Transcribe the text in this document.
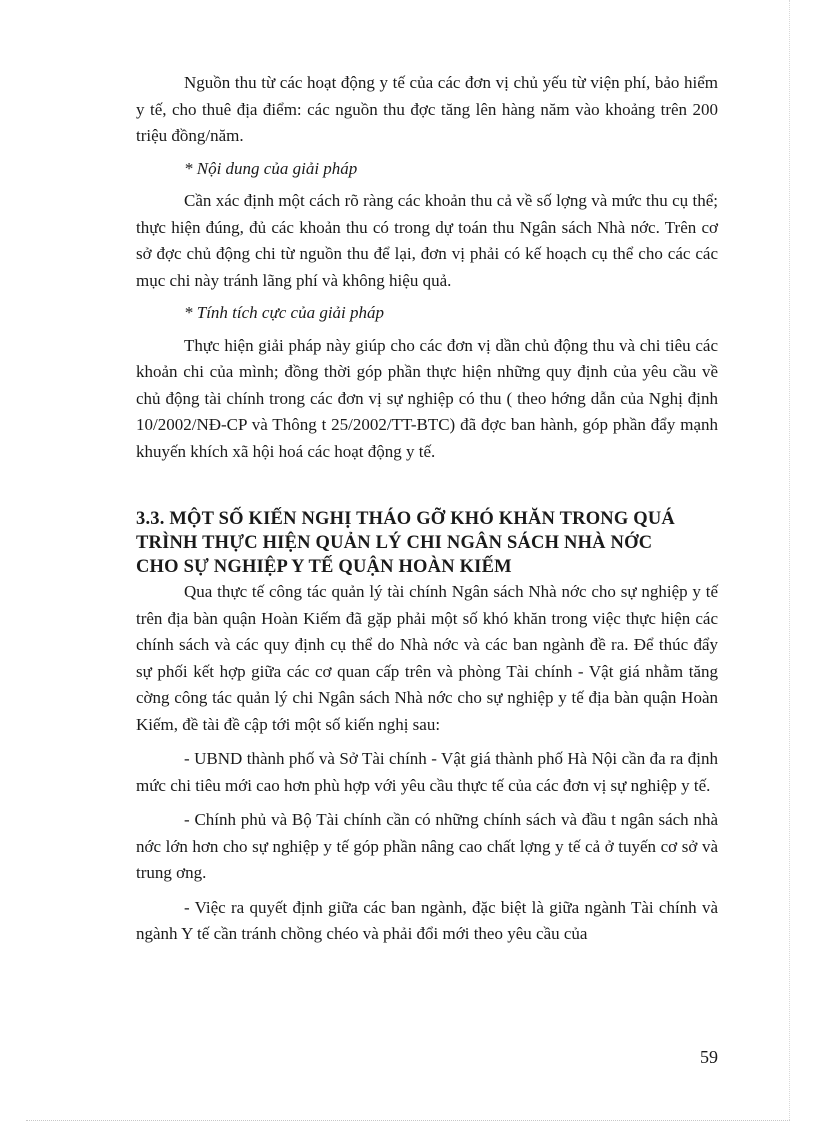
Nguồn thu từ các hoạt động y tế của các đơn vị chủ yếu từ viện phí, bảo hiểm y tế, cho thuê địa điểm: các nguồn thu đợc tăng lên hàng năm vào khoảng trên 200 triệu đồng/năm.

* Nội dung của giải pháp

Cần xác định một cách rõ ràng các khoản thu cả về số lợng và mức thu cụ thể; thực hiện đúng, đủ các khoản thu có trong dự toán thu Ngân sách Nhà nớc. Trên cơ sở đợc chủ động chi từ nguồn thu để lại, đơn vị phải có kế hoạch cụ thể cho các các mục chi này tránh lãng phí và không hiệu quả.

* Tính tích cực của giải pháp

Thực hiện giải pháp này giúp cho các đơn vị dần chủ động thu và chi tiêu các khoản chi của mình; đồng thời góp phần thực hiện những quy định của yêu cầu về chủ động tài chính trong các đơn vị sự nghiệp có thu ( theo hớng dẫn của Nghị định 10/2002/NĐ-CP và Thông t 25/2002/TT-BTC) đã đợc ban hành, góp phần đẩy mạnh khuyến khích xã hội hoá các hoạt động y tế.

3.3. MỘT SỐ KIẾN NGHỊ THÁO GỠ KHÓ KHĂN TRONG QUÁ
TRÌNH THỰC HIỆN QUẢN LÝ CHI NGÂN SÁCH NHÀ NỚC
CHO SỰ NGHIỆP Y TẾ QUẬN HOÀN KIẾM

Qua thực tế công tác quản lý tài chính Ngân sách Nhà nớc cho sự nghiệp y tế trên địa bàn quận Hoàn Kiếm đã gặp phải một số khó khăn trong việc thực hiện các chính sách và các quy định cụ thể do Nhà nớc và các ban ngành đề ra. Để thúc đẩy sự phối kết hợp giữa các cơ quan cấp trên và phòng Tài chính - Vật giá nhằm tăng cờng công tác quản lý chi Ngân sách Nhà nớc cho sự nghiệp y tế địa bàn quận Hoàn Kiếm, đề tài đề cập tới một số kiến nghị sau:

- UBND thành phố và Sở Tài chính - Vật giá thành phố Hà Nội cần đa ra định mức chi tiêu mới cao hơn phù hợp với yêu cầu thực tế của các đơn vị sự nghiệp y tế.

- Chính phủ và Bộ Tài chính cần có những chính sách và đầu t ngân sách nhà nớc lớn hơn cho sự nghiệp y tế góp phần nâng cao chất lợng y tế cả ở tuyến cơ sở và trung ơng.

- Việc ra quyết định giữa các ban ngành, đặc biệt là giữa ngành Tài chính và ngành Y tế cần tránh chồng chéo và phải đổi mới theo yêu cầu của

59
